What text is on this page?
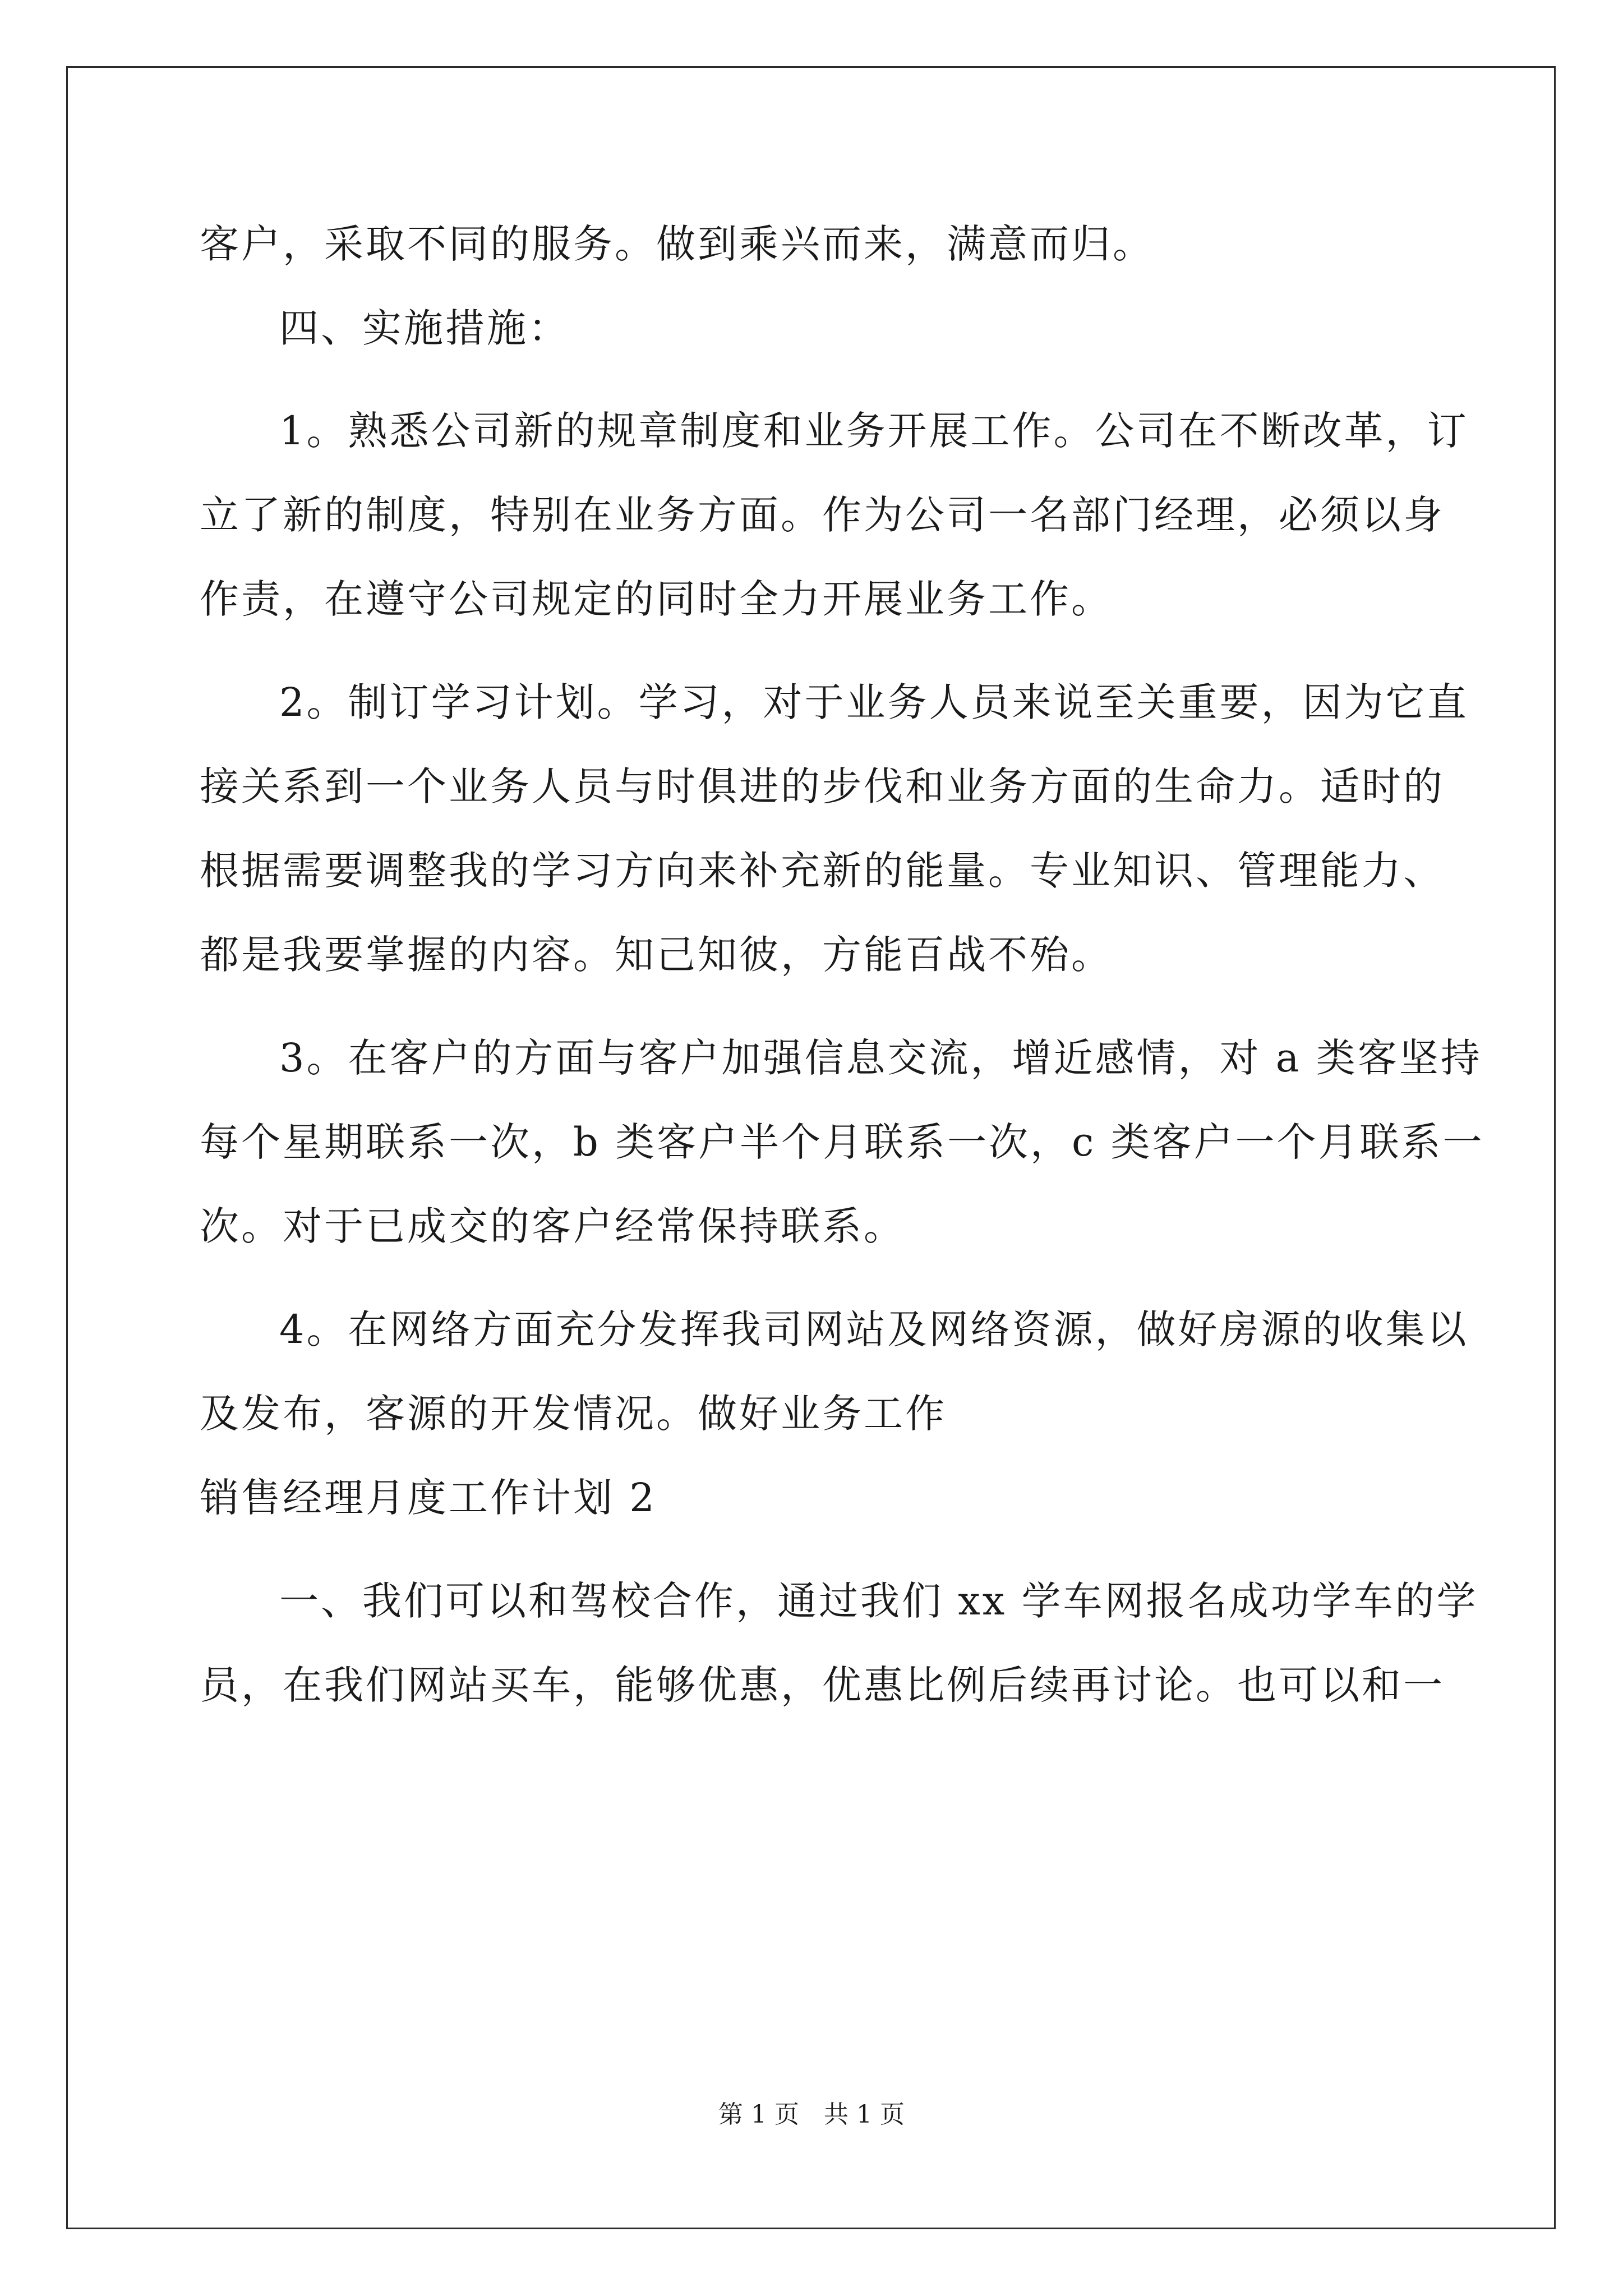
客户，采取不同的服务。做到乘兴而来，满意而归。
四、实施措施：
1。熟悉公司新的规章制度和业务开展工作。公司在不断改革，订
立了新的制度，特别在业务方面。作为公司一名部门经理，必须以身
作责，在遵守公司规定的同时全力开展业务工作。
2。制订学习计划。学习，对于业务人员来说至关重要，因为它直
接关系到一个业务人员与时俱进的步伐和业务方面的生命力。适时的
根据需要调整我的学习方向来补充新的能量。专业知识、管理能力、
都是我要掌握的内容。知己知彼，方能百战不殆。
3。在客户的方面与客户加强信息交流，增近感情，对 a 类客坚持
每个星期联系一次，b 类客户半个月联系一次，c 类客户一个月联系一
次。对于已成交的客户经常保持联系。
4。在网络方面充分发挥我司网站及网络资源，做好房源的收集以
及发布，客源的开发情况。做好业务工作
销售经理月度工作计划 2
一、我们可以和驾校合作，通过我们 xx 学车网报名成功学车的学
员，在我们网站买车，能够优惠，优惠比例后续再讨论。也可以和一
第 1 页　共 1 页
